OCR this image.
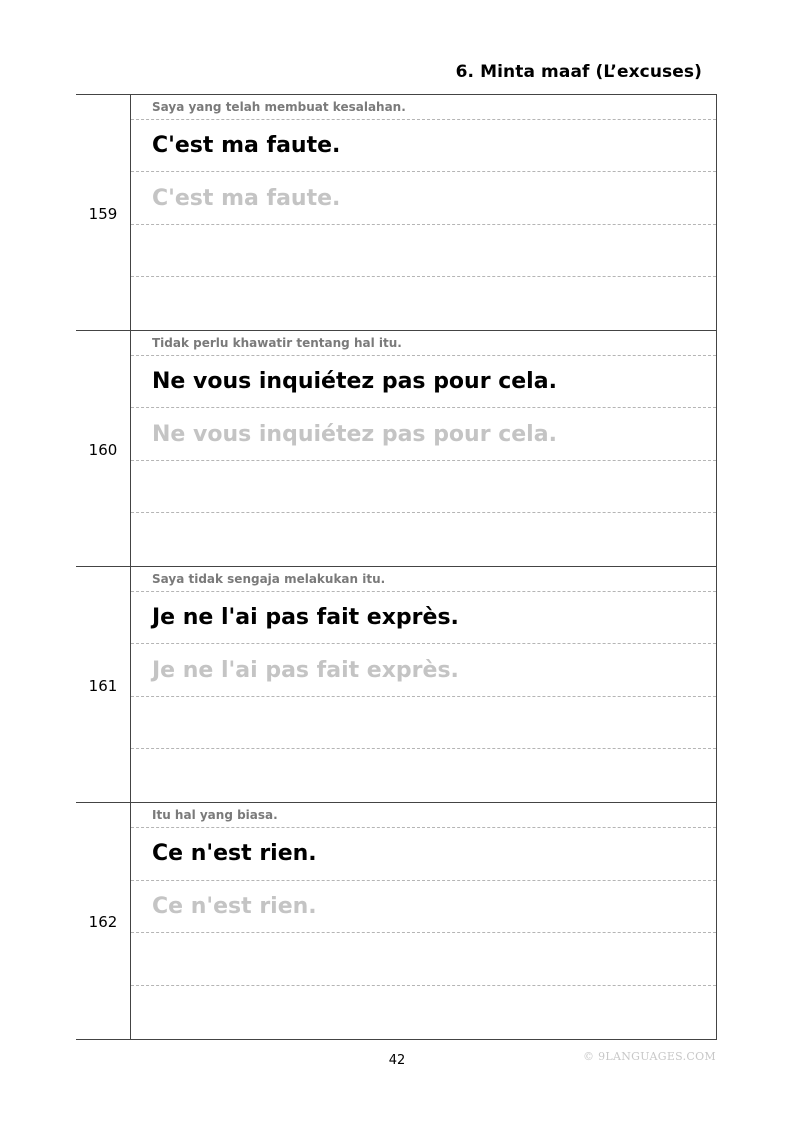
6. Minta maaf (L’excuses)
159
Saya yang telah membuat kesalahan.
C'est ma faute.
C'est ma faute.
160
Tidak perlu khawatir tentang hal itu.
Ne vous inquiétez pas pour cela.
Ne vous inquiétez pas pour cela.
161
Saya tidak sengaja melakukan itu.
Je ne l'ai pas fait exprès.
Je ne l'ai pas fait exprès.
162
Itu hal yang biasa.
Ce n'est rien.
Ce n'est rien.
42	© 9LANGUAGES.COM
